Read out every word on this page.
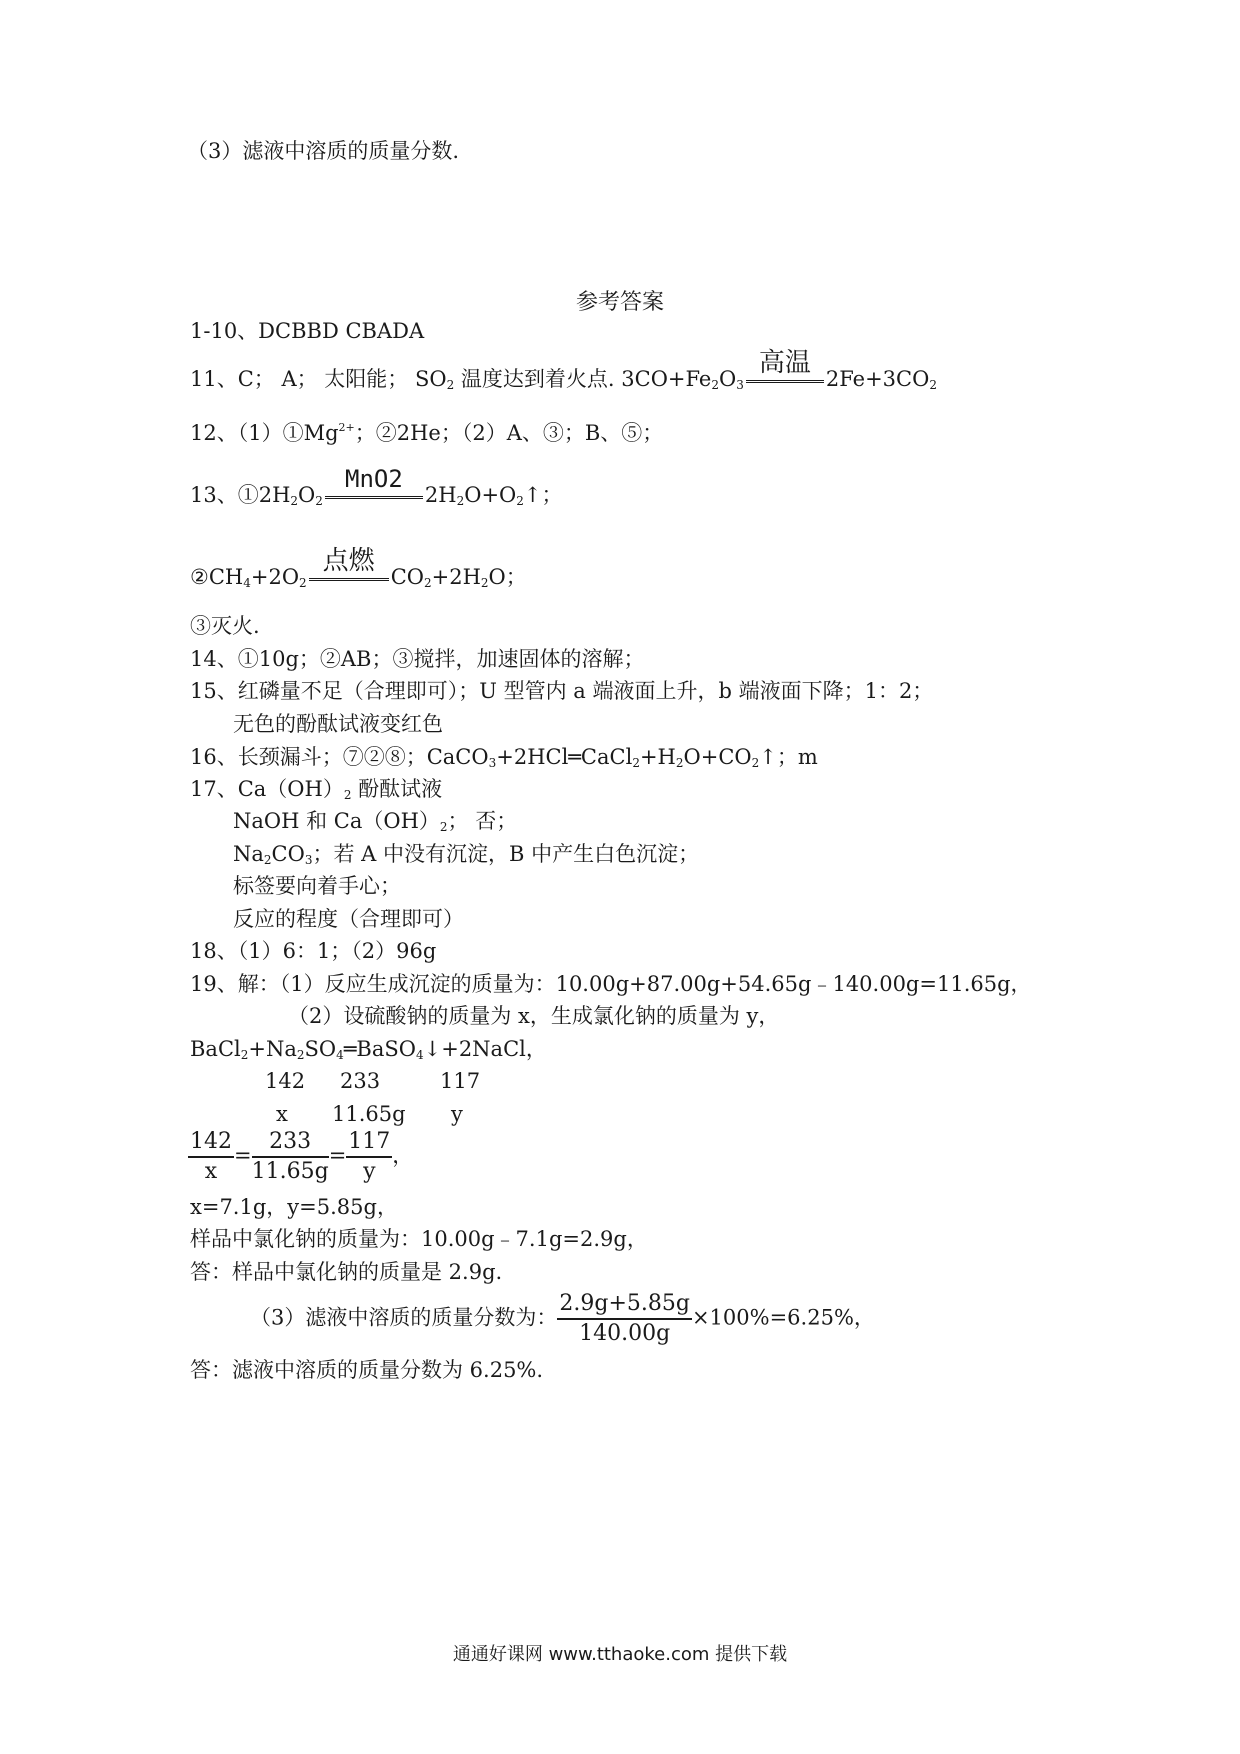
（3）滤液中溶质的质量分数.
参考答案
1-10、DCBBD CBADA
11、C； A； 太阳能； $SO_2$ 温度达到着火点. $3CO+Fe_2O_3$
高温
$2Fe+3CO_2$
12、$(1)①Mg^{2+}$；②2He；（2）A、③；B、⑤；
13、$①2H_2O_2$
MnO2
$2H_2O+O_2↑$；
$②CH_4+2O_2$
点燃
$CO_2+2H_2O$；
③灭火.
14、①10g；②AB；③搅拌，加速固体的溶解；
15、红磷量不足（合理即可）；U 型管内 a 端液面上升，b 端液面下降；1：2；
无色的酚酞试液变红色
16、长颈漏斗；⑦②⑧；$CaCO_3+2HCl═CaCl_2+H_2O+CO_2↑$；m
17、$Ca(OH)_2$ 酚酞试液
NaOH 和 $Ca(OH)_2$； 否；
$Na_2CO_3$；若 A 中没有沉淀，B 中产生白色沉淀；
标签要向着手心；
反应的程度（合理即可）
18、（1）6：1；（2）96g
19、解：（1）反应生成沉淀的质量为：10.00g+87.00g+54.65g﹣140.00g=11.65g，
（2）设硫酸钠的质量为 x，生成氯化钠的质量为 y，
$BaCl_2+Na_2SO_4═BaSO_4↓+2NaCl$，
142 233	117
x 11.65g y
$\frac{142}{x} = \frac{233}{11.65g} = \frac{117}{y}$ ，
x=7.1g，y=5.85g，
样品中氯化钠的质量为：10.00g﹣7.1g=2.9g，
答：样品中氯化钠的质量是 2.9g.
（3）滤液中溶质的质量分数为： $\frac{2.9g+5.85g}{140.00g} \times 100\%=6.25\%$，
答：滤液中溶质的质量分数为 6.25%.
通通好课网 www.tthaoke.com 提供下载
